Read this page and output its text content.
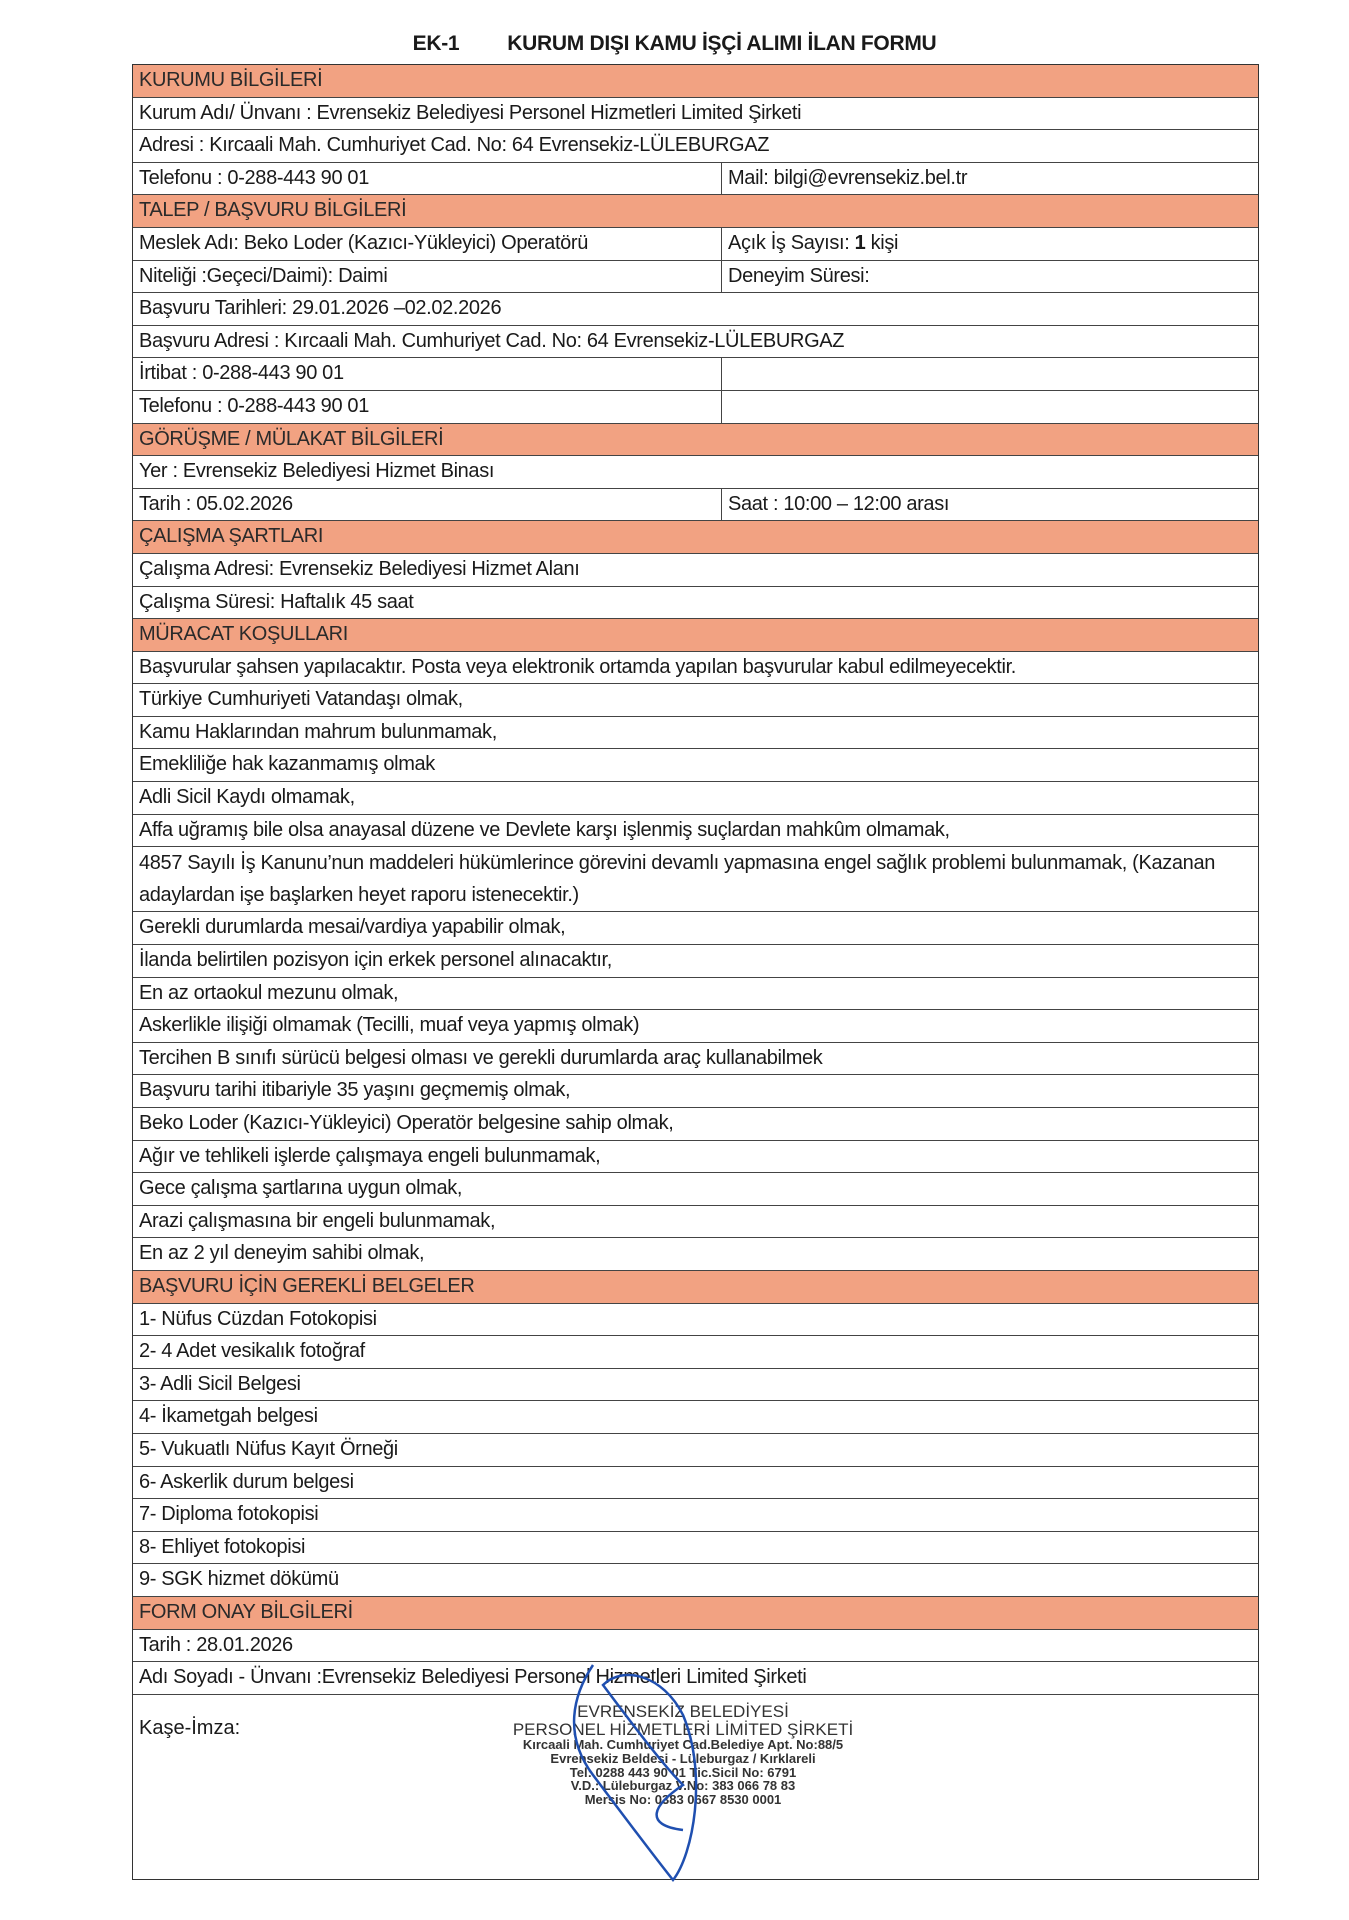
EK-1 KURUM DIŞI KAMU İŞÇİ ALIMI İLAN FORMU
KURUMU BİLGİLERİ
Kurum Adı/ Ünvanı : Evrensekiz Belediyesi Personel Hizmetleri Limited Şirketi
Adresi : Kırcaali Mah. Cumhuriyet Cad. No: 64 Evrensekiz-LÜLEBURGAZ
Telefonu : 0-288-443 90 01	Mail: bilgi@evrensekiz.bel.tr
TALEP / BAŞVURU BİLGİLERİ
Meslek Adı: Beko Loder (Kazıcı-Yükleyici) Operatörü	Açık İş Sayısı: 1 kişi
Niteliği :Geçeci/Daimi): Daimi	Deneyim Süresi:
Başvuru Tarihleri: 29.01.2026 –02.02.2026
Başvuru Adresi : Kırcaali Mah. Cumhuriyet Cad. No: 64 Evrensekiz-LÜLEBURGAZ
İrtibat : 0-288-443 90 01
Telefonu : 0-288-443 90 01
GÖRÜŞME / MÜLAKAT BİLGİLERİ
Yer : Evrensekiz Belediyesi Hizmet Binası
Tarih : 05.02.2026	Saat : 10:00 – 12:00 arası
ÇALIŞMA ŞARTLARI
Çalışma Adresi: Evrensekiz Belediyesi Hizmet Alanı
Çalışma Süresi: Haftalık 45 saat
MÜRACAT KOŞULLARI
Başvurular şahsen yapılacaktır. Posta veya elektronik ortamda yapılan başvurular kabul edilmeyecektir.
Türkiye Cumhuriyeti Vatandaşı olmak,
Kamu Haklarından mahrum bulunmamak,
Emekliliğe hak kazanmamış olmak
Adli Sicil Kaydı olmamak,
Affa uğramış bile olsa anayasal düzene ve Devlete karşı işlenmiş suçlardan mahkûm olmamak,
4857 Sayılı İş Kanunu’nun maddeleri hükümlerince görevini devamlı yapmasına engel sağlık problemi bulunmamak, (Kazanan adaylardan işe başlarken heyet raporu istenecektir.)
Gerekli durumlarda mesai/vardiya yapabilir olmak,
İlanda belirtilen pozisyon için erkek personel alınacaktır,
En az ortaokul mezunu olmak,
Askerlikle ilişiği olmamak (Tecilli, muaf veya yapmış olmak)
Tercihen B sınıfı sürücü belgesi olması ve gerekli durumlarda araç kullanabilmek
Başvuru tarihi itibariyle 35 yaşını geçmemiş olmak,
Beko Loder (Kazıcı-Yükleyici) Operatör belgesine sahip olmak,
Ağır ve tehlikeli işlerde çalışmaya engeli bulunmamak,
Gece çalışma şartlarına uygun olmak,
Arazi çalışmasına bir engeli bulunmamak,
En az 2 yıl deneyim sahibi olmak,
BAŞVURU İÇİN GEREKLİ BELGELER
1- Nüfus Cüzdan Fotokopisi
2- 4 Adet vesikalık fotoğraf
3- Adli Sicil Belgesi
4- İkametgah belgesi
5- Vukuatlı Nüfus Kayıt Örneği
6- Askerlik durum belgesi
7- Diploma fotokopisi
8- Ehliyet fotokopisi
9- SGK hizmet dökümü
FORM ONAY BİLGİLERİ
Tarih : 28.01.2026
Adı Soyadı - Ünvanı :Evrensekiz Belediyesi Personel Hizmetleri Limited Şirketi
Kaşe-İmza:
EVRENSEKİZ BELEDİYESİ
PERSONEL HİZMETLERİ LİMİTED ŞİRKETİ
Kırcaali Mah. Cumhuriyet Cad.Belediye Apt. No:88/5
Evrensekiz Beldesi - Lüleburgaz / Kırklareli
Tel: 0288 443 90 01 Tic.Sicil No: 6791
V.D.: Lüleburgaz V.No: 383 066 78 83
Mersis No: 0383 0667 8530 0001
